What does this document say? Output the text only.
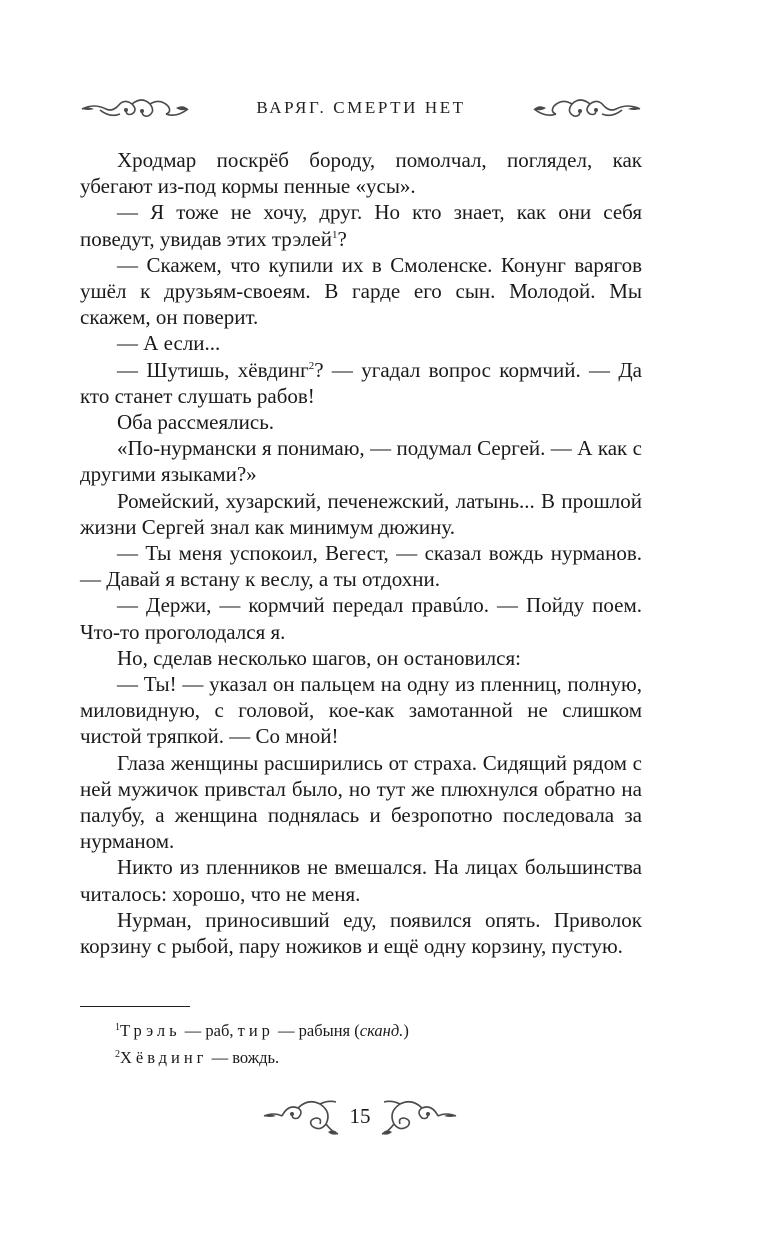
ВАРЯГ. СМЕРТИ НЕТ

Хродмар поскрёб бороду, помолчал, поглядел, как убегают из-под кормы пенные «усы».

— Я тоже не хочу, друг. Но кто знает, как они себя поведут, увидав этих трэлей$^1$?

— Скажем, что купили их в Смоленске. Конунг варягов ушёл к друзьям-своеям. В гарде его сын. Молодой. Мы скажем, он поверит.

— А если...

— Шутишь, хёвдинг$^2$? — угадал вопрос кормчий. — Да кто станет слушать рабов!

Оба рассмеялись.

«По-нурмански я понимаю, — подумал Сергей. — А как с другими языками?»

Ромейский, хузарский, печенежский, латынь... В прошлой жизни Сергей знал как минимум дюжину.

— Ты меня успокоил, Вегест, — сказал вождь нурманов. — Давай я встану к веслу, а ты отдохни.

— Держи, — кормчий передал правúло. — Пойду поем. Что-то проголодался я.

Но, сделав несколько шагов, он остановился:

— Ты! — указал он пальцем на одну из пленниц, полную, миловидную, с головой, кое-как замотанной не слишком чистой тряпкой. — Со мной!

Глаза женщины расширились от страха. Сидящий рядом с ней мужичок привстал было, но тут же плюхнулся обратно на палубу, а женщина поднялась и безропотно последовала за нурманом.

Никто из пленников не вмешался. На лицах большинства читалось: хорошо, что не меня.

Нурман, приносивший еду, появился опять. Приволок корзину с рыбой, пару ножиков и ещё одну корзину, пустую.

$^1$Трэль — раб, тир — рабыня (сканд.)

$^2$Хёвдинг — вождь.

15
